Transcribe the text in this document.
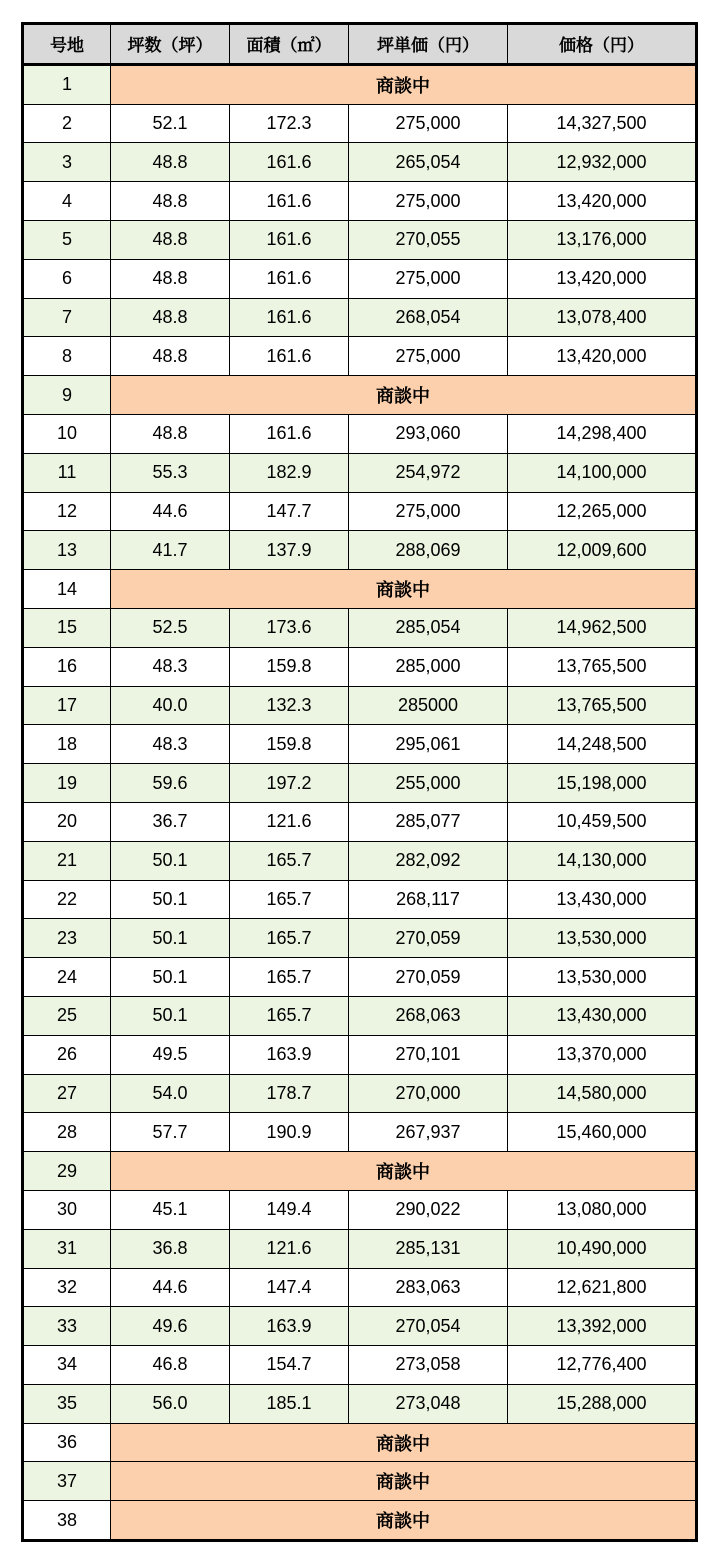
号地	坪数（坪）	面積（㎡）	坪単価（円）	価格（円）
1	商談中			
2	52.1	172.3	275,000	14,327,500
3	48.8	161.6	265,054	12,932,000
4	48.8	161.6	275,000	13,420,000
5	48.8	161.6	270,055	13,176,000
6	48.8	161.6	275,000	13,420,000
7	48.8	161.6	268,054	13,078,400
8	48.8	161.6	275,000	13,420,000
9	商談中			
10	48.8	161.6	293,060	14,298,400
11	55.3	182.9	254,972	14,100,000
12	44.6	147.7	275,000	12,265,000
13	41.7	137.9	288,069	12,009,600
14	商談中			
15	52.5	173.6	285,054	14,962,500
16	48.3	159.8	285,000	13,765,500
17	40.0	132.3	285000	13,765,500
18	48.3	159.8	295,061	14,248,500
19	59.6	197.2	255,000	15,198,000
20	36.7	121.6	285,077	10,459,500
21	50.1	165.7	282,092	14,130,000
22	50.1	165.7	268,117	13,430,000
23	50.1	165.7	270,059	13,530,000
24	50.1	165.7	270,059	13,530,000
25	50.1	165.7	268,063	13,430,000
26	49.5	163.9	270,101	13,370,000
27	54.0	178.7	270,000	14,580,000
28	57.7	190.9	267,937	15,460,000
29	商談中			
30	45.1	149.4	290,022	13,080,000
31	36.8	121.6	285,131	10,490,000
32	44.6	147.4	283,063	12,621,800
33	49.6	163.9	270,054	13,392,000
34	46.8	154.7	273,058	12,776,400
35	56.0	185.1	273,048	15,288,000
36	商談中			
37	商談中			
38	商談中			
